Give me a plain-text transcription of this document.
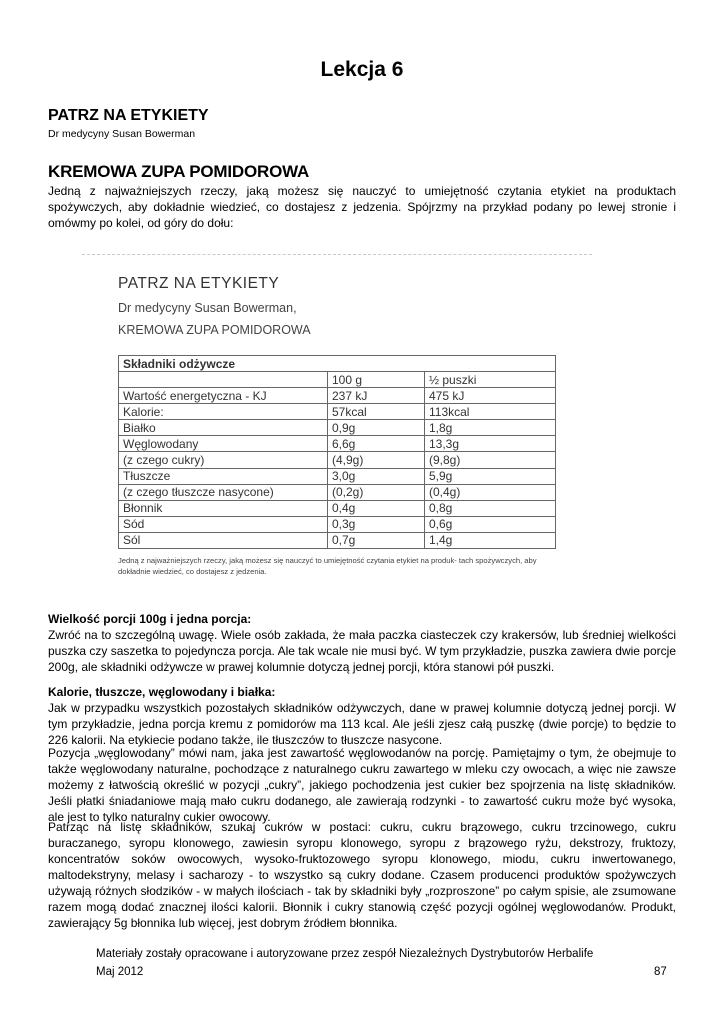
Lekcja 6
PATRZ NA ETYKIETY

Dr medycyny Susan Bowerman

KREMOWA ZUPA POMIDOROWA

Jedną z najważniejszych rzeczy, jaką możesz się nauczyć to umiejętność czytania etykiet na produktach spożywczych, aby dokładnie wiedzieć, co dostajesz z jedzenia. Spójrzmy na przykład podany po lewej stronie i omówmy po kolei, od góry do dołu:

PATRZ NA ETYKIETY

Dr medycyny Susan Bowerman,

KREMOWA ZUPA POMIDOROWA

Składniki odżywcze		
	100 g	½ puszki
Wartość energetyczna - KJ	237 kJ	475 kJ
Kalorie:	57kcal	113kcal
Białko	0,9g	1,8g
Węglowodany	6,6g	13,3g
(z czego cukry)	(4,9g)	(9,8g)
Tłuszcze	3,0g	5,9g
(z czego tłuszcze nasycone)	(0,2g)	(0,4g)
Błonnik	0,4g	0,8g
Sód	0,3g	0,6g
Sól	0,7g	1,4g

Jedną z najważniejszych rzeczy, jaką możesz się nauczyć to umiejętność czytania etykiet na produk- tach spożywczych, aby dokładnie wiedzieć, co dostajesz z jedzenia.

Wielkość porcji 100g i jedna porcja:

Zwróć na to szczególną uwagę. Wiele osób zakłada, że mała paczka ciasteczek czy krakersów, lub średniej wielkości puszka czy saszetka to pojedyncza porcja. Ale tak wcale nie musi być. W tym przykładzie, puszka zawiera dwie porcje 200g, ale składniki odżywcze w prawej kolumnie dotyczą jednej porcji, która stanowi pół puszki.

Kalorie, tłuszcze, węglowodany i białka:

Jak w przypadku wszystkich pozostałych składników odżywczych, dane w prawej kolumnie dotyczą jednej porcji. W tym przykładzie, jedna porcja kremu z pomidorów ma 113 kcal. Ale jeśli zjesz całą puszkę (dwie porcje) to będzie to 226 kalorii. Na etykiecie podano także, ile tłuszczów to tłuszcze nasycone.

Pozycja „węglowodany” mówi nam, jaka jest zawartość węglowodanów na porcję. Pamiętajmy o tym, że obejmuje to także węglowodany naturalne, pochodzące z naturalnego cukru zawartego w mleku czy owocach, a więc nie zawsze możemy z łatwością określić w pozycji „cukry”, jakiego pochodzenia jest cukier bez spojrzenia na listę składników. Jeśli płatki śniadaniowe mają mało cukru dodanego, ale zawierają rodzynki - to zawartość cukru może być wysoka, ale jest to tylko naturalny cukier owocowy.

Patrząc na listę składników, szukaj cukrów w postaci: cukru, cukru brązowego, cukru trzcinowego, cukru buraczanego, syropu klonowego, zawiesin syropu klonowego, syropu z brązowego ryżu, dekstrozy, fruktozy, koncentratów soków owocowych, wysoko-fruktozowego syropu klonowego, miodu, cukru inwertowanego, maltodekstryny, melasy i sacharozy - to wszystko są cukry dodane. Czasem producenci produktów spożywczych używają różnych słodzików - w małych ilościach - tak by składniki były „rozproszone” po całym spisie, ale zsumowane razem mogą dodać znacznej ilości kalorii. Błonnik i cukry stanowią część pozycji ogólnej węglowodanów. Produkt, zawierający 5g błonnika lub więcej, jest dobrym źródłem błonnika.

Materiały zostały opracowane i autoryzowane przez zespół Niezależnych Dystrybutorów Herbalife

Maj 2012	87
